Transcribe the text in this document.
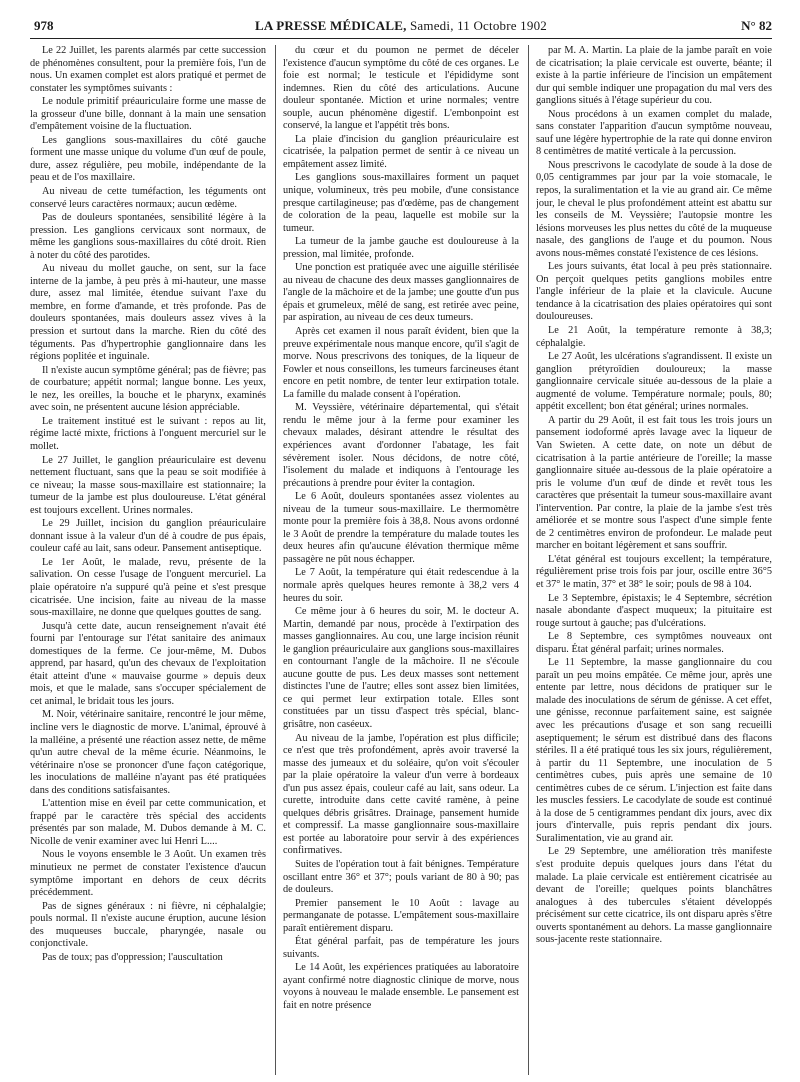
978	LA PRESSE MÉDICALE, Samedi, 11 Octobre 1902	N° 82

Le 22 Juillet, les parents alarmés par cette succession de phénomènes consultent, pour la première fois, l'un de nous. Un examen complet est alors pratiqué et permet de constater les symptômes suivants :

Le nodule primitif préauriculaire forme une masse de la grosseur d'une bille, donnant à la main une sensation d'empâtement voisine de la fluctuation.

Les ganglions sous-maxillaires du côté gauche forment une masse unique du volume d'un œuf de poule, dure, assez régulière, peu mobile, indépendante de la peau et de l'os maxillaire.

Au niveau de cette tuméfaction, les téguments ont conservé leurs caractères normaux; aucun œdème.

Pas de douleurs spontanées, sensibilité légère à la pression. Les ganglions cervicaux sont normaux, de même les ganglions sous-maxillaires du côté droit. Rien à noter du côté des parotides.

Au niveau du mollet gauche, on sent, sur la face interne de la jambe, à peu près à mi-hauteur, une masse dure, assez mal limitée, étendue suivant l'axe du membre, en forme d'amande, et très profonde. Pas de douleurs spontanées, mais douleurs assez vives à la pression et surtout dans la marche. Rien du côté des téguments. Pas d'hypertrophie ganglionnaire dans les régions poplitée et inguinale.

Il n'existe aucun symptôme général; pas de fièvre; pas de courbature; appétit normal; langue bonne. Les yeux, le nez, les oreilles, la bouche et le pharynx, examinés avec soin, ne présentent aucune lésion appréciable.

Le traitement institué est le suivant : repos au lit, régime lacté mixte, frictions à l'onguent mercuriel sur le mollet.

Le 27 Juillet, le ganglion préauriculaire est devenu nettement fluctuant, sans que la peau se soit modifiée à ce niveau; la masse sous-maxillaire est stationnaire; la tumeur de la jambe est plus douloureuse. L'état général est toujours excellent. Urines normales.

Le 29 Juillet, incision du ganglion préauriculaire donnant issue à la valeur d'un dé à coudre de pus épais, couleur café au lait, sans odeur. Pansement antiseptique.

Le 1er Août, le malade, revu, présente de la salivation. On cesse l'usage de l'onguent mercuriel. La plaie opératoire n'a suppuré qu'à peine et s'est presque cicatrisée. Une incision, faite au niveau de la masse sous-maxillaire, ne donne que quelques gouttes de sang.

Jusqu'à cette date, aucun renseignement n'avait été fourni par l'entourage sur l'état sanitaire des animaux domestiques de la ferme. Ce jour-même, M. Dubos apprend, par hasard, qu'un des chevaux de l'exploitation était atteint d'une « mauvaise gourme » depuis deux mois, et que le malade, sans s'occuper spécialement de cet animal, le bridait tous les jours.

M. Noir, vétérinaire sanitaire, rencontré le jour même, incline vers le diagnostic de morve. L'animal, éprouvé à la malléine, a présenté une réaction assez nette, de même qu'un autre cheval de la même écurie. Néanmoins, le vétérinaire n'ose se prononcer d'une façon catégorique, les inoculations de malléine n'ayant pas été pratiquées dans des conditions satisfaisantes.

L'attention mise en éveil par cette communication, et frappé par le caractère très spécial des accidents présentés par son malade, M. Dubos demande à M. C. Nicolle de venir examiner avec lui Henri L....

Nous le voyons ensemble le 3 Août. Un examen très minutieux ne permet de constater l'existence d'aucun symptôme important en dehors de ceux décrits précédemment.

Pas de signes généraux : ni fièvre, ni céphalalgie; pouls normal. Il n'existe aucune éruption, aucune lésion des muqueuses buccale, pharyngée, nasale ou conjonctivale.

Pas de toux; pas d'oppression; l'auscultation

du cœur et du poumon ne permet de déceler l'existence d'aucun symptôme du côté de ces organes. Le foie est normal; le testicule et l'épididyme sont indemnes. Rien du côté des articulations. Aucune douleur spontanée. Miction et urine normales; ventre souple, aucun phénomène digestif. L'embonpoint est conservé, la langue et l'appétit très bons.

La plaie d'incision du ganglion préauriculaire est cicatrisée, la palpation permet de sentir à ce niveau un empâtement assez limité.

Les ganglions sous-maxillaires forment un paquet unique, volumineux, très peu mobile, d'une consistance presque cartilagineuse; pas d'œdème, pas de changement de coloration de la peau, laquelle est mobile sur la tumeur.

La tumeur de la jambe gauche est douloureuse à la pression, mal limitée, profonde.

Une ponction est pratiquée avec une aiguille stérilisée au niveau de chacune des deux masses ganglionnaires de l'angle de la mâchoire et de la jambe; une goutte d'un pus épais et grumeleux, mêlé de sang, est retirée avec peine, par aspiration, au niveau de ces deux tumeurs.

Après cet examen il nous paraît évident, bien que la preuve expérimentale nous manque encore, qu'il s'agit de morve. Nous prescrivons des toniques, de la liqueur de Fowler et nous conseillons, les tumeurs farcineuses étant encore en petit nombre, de tenter leur extirpation totale. La famille du malade consent à l'opération.

M. Veyssière, vétérinaire départemental, qui s'était rendu le même jour à la ferme pour examiner les chevaux malades, désirant attendre le résultat des expériences avant d'ordonner l'abatage, les fait sévèrement isoler. Nous décidons, de notre côté, l'isolement du malade et indiquons à l'entourage les précautions à prendre pour éviter la contagion.

Le 6 Août, douleurs spontanées assez violentes au niveau de la tumeur sous-maxillaire. Le thermomètre monte pour la première fois à 38,8. Nous avons ordonné le 3 Août de prendre la température du malade toutes les deux heures afin qu'aucune élévation thermique même passagère ne pût nous échapper.

Le 7 Août, la température qui était redescendue à la normale après quelques heures remonte à 38,2 vers 4 heures du soir.

Ce même jour à 6 heures du soir, M. le docteur A. Martin, demandé par nous, procède à l'extirpation des masses ganglionnaires. Au cou, une large incision réunit le ganglion préauriculaire aux ganglions sous-maxillaires en contournant l'angle de la mâchoire. Il ne s'écoule aucune goutte de pus. Les deux masses sont nettement distinctes l'une de l'autre; elles sont assez bien limitées, ce qui permet leur extirpation totale. Elles sont constituées par un tissu d'aspect très spécial, blanc-grisâtre, non caséeux.

Au niveau de la jambe, l'opération est plus difficile; ce n'est que très profondément, après avoir traversé la masse des jumeaux et du soléaire, qu'on voit s'écouler par la plaie opératoire la valeur d'un verre à bordeaux d'un pus assez épais, couleur café au lait, sans odeur. La curette, introduite dans cette cavité ramène, à peine quelques débris grisâtres. Drainage, pansement humide et compressif. La masse ganglionnaire sous-maxillaire est portée au laboratoire pour servir à des expériences confirmatives.

Suites de l'opération tout à fait bénignes. Température oscillant entre 36° et 37°; pouls variant de 80 à 90; pas de douleurs.

Premier pansement le 10 Août : lavage au permanganate de potasse. L'empâtement sous-maxillaire paraît entièrement disparu.

État général parfait, pas de température les jours suivants.

Le 14 Août, les expériences pratiquées au laboratoire ayant confirmé notre diagnostic clinique de morve, nous voyons à nouveau le malade ensemble. Le pansement est fait en notre présence

par M. A. Martin. La plaie de la jambe paraît en voie de cicatrisation; la plaie cervicale est ouverte, béante; il existe à la partie inférieure de l'incision un empâtement dur qui semble indiquer une propagation du mal vers des ganglions situés à l'étage supérieur du cou.

Nous procédons à un examen complet du malade, sans constater l'apparition d'aucun symptôme nouveau, sauf une légère hypertrophie de la rate qui donne environ 8 centimètres de matité verticale à la percussion.

Nous prescrivons le cacodylate de soude à la dose de 0,05 centigrammes par jour par la voie stomacale, le repos, la suralimentation et la vie au grand air. Ce même jour, le cheval le plus profondément atteint est abattu sur les conseils de M. Veyssière; l'autopsie montre les lésions morveuses les plus nettes du côté de la muqueuse nasale, des ganglions de l'auge et du poumon. Nous avons nous-mêmes constaté l'existence de ces lésions.

Les jours suivants, état local à peu près stationnaire. On perçoit quelques petits ganglions mobiles entre l'angle inférieur de la plaie et la clavicule. Aucune tendance à la cicatrisation des plaies opératoires qui sont douloureuses.

Le 21 Août, la température remonte à 38,3; céphalalgie.

Le 27 Août, les ulcérations s'agrandissent. Il existe un ganglion prétyroïdien douloureux; la masse ganglionnaire cervicale située au-dessous de la plaie a augmenté de volume. Température normale; pouls, 80; appétit excellent; bon état général; urines normales.

A partir du 29 Août, il est fait tous les trois jours un pansement iodoformé après lavage avec la liqueur de Van Swieten. A cette date, on note un début de cicatrisation à la partie antérieure de l'oreille; la masse ganglionnaire située au-dessous de la plaie opératoire a pris le volume d'un œuf de dinde et revêt tous les caractères que présentait la tumeur sous-maxillaire avant l'intervention. Par contre, la plaie de la jambe s'est très améliorée et se montre sous l'aspect d'une simple fente de 2 centimètres environ de profondeur. Le malade peut marcher en boitant légèrement et sans souffrir.

L'état général est toujours excellent; la température, régulièrement prise trois fois par jour, oscille entre 36°5 et 37° le matin, 37° et 38° le soir; pouls de 98 à 104.

Le 3 Septembre, épistaxis; le 4 Septembre, sécrétion nasale abondante d'aspect muqueux; la pituitaire est rouge surtout à gauche; pas d'ulcérations.

Le 8 Septembre, ces symptômes nouveaux ont disparu. État général parfait; urines normales.

Le 11 Septembre, la masse ganglionnaire du cou paraît un peu moins empâtée. Ce même jour, après une entente par lettre, nous décidons de pratiquer sur le malade des inoculations de sérum de génisse. A cet effet, une génisse, reconnue parfaitement saine, est saignée avec les précautions d'usage et son sang recueilli aseptiquement; le sérum est distribué dans des flacons stériles. Il a été pratiqué tous les six jours, régulièrement, à partir du 11 Septembre, une inoculation de 5 centimètres cubes, puis après une semaine de 10 centimètres cubes de ce sérum. L'injection est faite dans les muscles fessiers. Le cacodylate de soude est continué à la dose de 5 centigrammes pendant dix jours, avec dix jours d'intervalle, puis repris pendant dix jours. Suralimentation, vie au grand air.

Le 29 Septembre, une amélioration très manifeste s'est produite depuis quelques jours dans l'état du malade. La plaie cervicale est entièrement cicatrisée au devant de l'oreille; quelques points blanchâtres analogues à des tubercules s'étaient développés précisément sur cette cicatrice, ils ont disparu après s'être ouverts spontanément au dehors. La masse ganglionnaire sous-jacente reste stationnaire.
